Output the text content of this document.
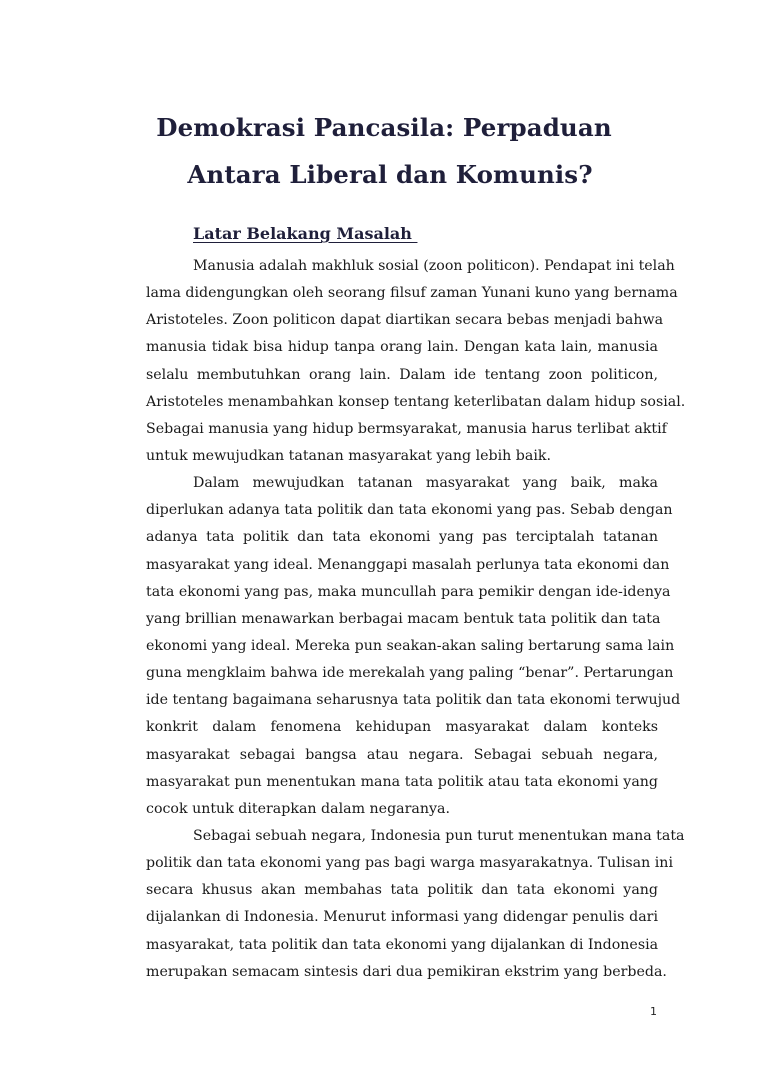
Demokrasi Pancasila: Perpaduan
Antara Liberal dan Komunis?
Latar Belakang Masalah
Manusia adalah makhluk sosial (zoon politicon). Pendapat ini telah
lama didengungkan oleh seorang filsuf zaman Yunani kuno yang bernama
Aristoteles. Zoon politicon dapat diartikan secara bebas menjadi bahwa
manusia tidak bisa hidup tanpa orang lain. Dengan kata lain, manusia
selalu membutuhkan orang lain. Dalam ide tentang zoon politicon,
Aristoteles menambahkan konsep tentang keterlibatan dalam hidup sosial.
Sebagai manusia yang hidup bermsyarakat, manusia harus terlibat aktif
untuk mewujudkan tatanan masyarakat yang lebih baik.
Dalam mewujudkan tatanan masyarakat yang baik, maka
diperlukan adanya tata politik dan tata ekonomi yang pas. Sebab dengan
adanya tata politik dan tata ekonomi yang pas terciptalah tatanan
masyarakat yang ideal. Menanggapi masalah perlunya tata ekonomi dan
tata ekonomi yang pas, maka muncullah para pemikir dengan ide-idenya
yang brillian menawarkan berbagai macam bentuk tata politik dan tata
ekonomi yang ideal. Mereka pun seakan-akan saling bertarung sama lain
guna mengklaim bahwa ide merekalah yang paling “benar”. Pertarungan
ide tentang bagaimana seharusnya tata politik dan tata ekonomi terwujud
konkrit dalam fenomena kehidupan masyarakat dalam konteks
masyarakat sebagai bangsa atau negara. Sebagai sebuah negara,
masyarakat pun menentukan mana tata politik atau tata ekonomi yang
cocok untuk diterapkan dalam negaranya.
Sebagai sebuah negara, Indonesia pun turut menentukan mana tata
politik dan tata ekonomi yang pas bagi warga masyarakatnya. Tulisan ini
secara khusus akan membahas tata politik dan tata ekonomi yang
dijalankan di Indonesia. Menurut informasi yang didengar penulis dari
masyarakat, tata politik dan tata ekonomi yang dijalankan di Indonesia
merupakan semacam sintesis dari dua pemikiran ekstrim yang berbeda.
1
